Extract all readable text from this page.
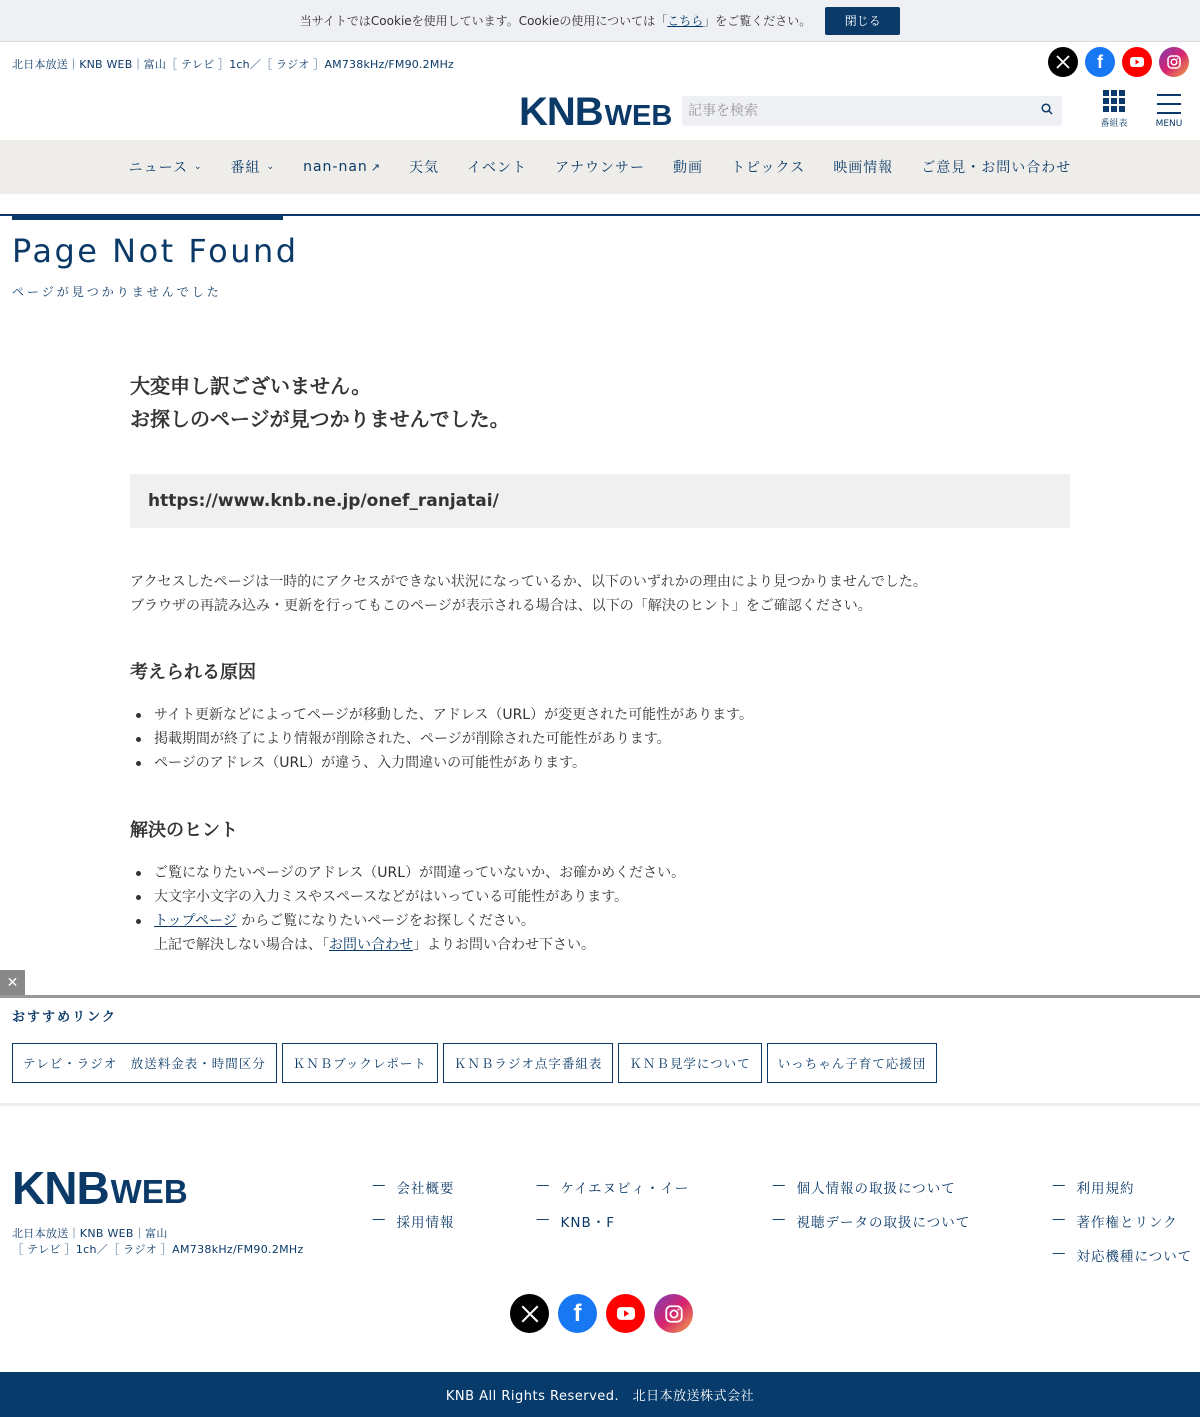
当サイトではCookieを使用しています。Cookieの使用については「 こちら 」をご覧ください。	閉じる
北日本放送｜KNB WEB｜富山［ テレビ ］1ch／［ ラジオ ］AM738kHz/FM90.2MHz	f
KNB WEB
記事を検索	番組表	MENU
ニュース ⌄ 番組 ⌄ nan-nan ↗	天気	イベント	アナウンサー	動画	トピックス	映画情報	ご意見・お問い合わせ
Page Not Found
ページが見つかりませんでした
大変申し訳ございません。
お探しのページが見つかりませんでした。
https://www.knb.ne.jp/onef_ranjatai/
アクセスしたページは一時的にアクセスができない状況になっているか、以下のいずれかの理由により見つかりませんでした。
ブラウザの再読み込み・更新を行ってもこのページが表示される場合は、以下の「解決のヒント」をご確認ください。
考えられる原因
サイト更新などによってページが移動した、アドレス（URL）が変更された可能性があります。
掲載期間が終了により情報が削除された、ページが削除された可能性があります。
ページのアドレス（URL）が違う、入力間違いの可能性があります。
解決のヒント
ご覧になりたいページのアドレス（URL）が間違っていないか、お確かめください。
大文字小文字の入力ミスやスペースなどがはいっている可能性があります。
トップページ からご覧になりたいページをお探しください。
上記で解決しない場合は、「お問い合わせ」よりお問い合わせ下さい。
✕
おすすめリンク
テレビ・ラジオ　放送料金表・時間区分	ＫＮＢブックレポート	ＫＮＢラジオ点字番組表	ＫＮＢ見学について	いっちゃん子育て応援団
KNB WEB
北日本放送｜KNB WEB｜富山
［ テレビ ］1ch／［ ラジオ ］AM738kHz/FM90.2MHz
— 会社概要
— 採用情報
— ケイエヌビィ・イー
— KNB・F
— 個人情報の取扱について
— 視聴データの取扱について
— 利用規約
— 著作権とリンク
— 対応機種について
f
KNB All Rights Reserved.　北日本放送株式会社
